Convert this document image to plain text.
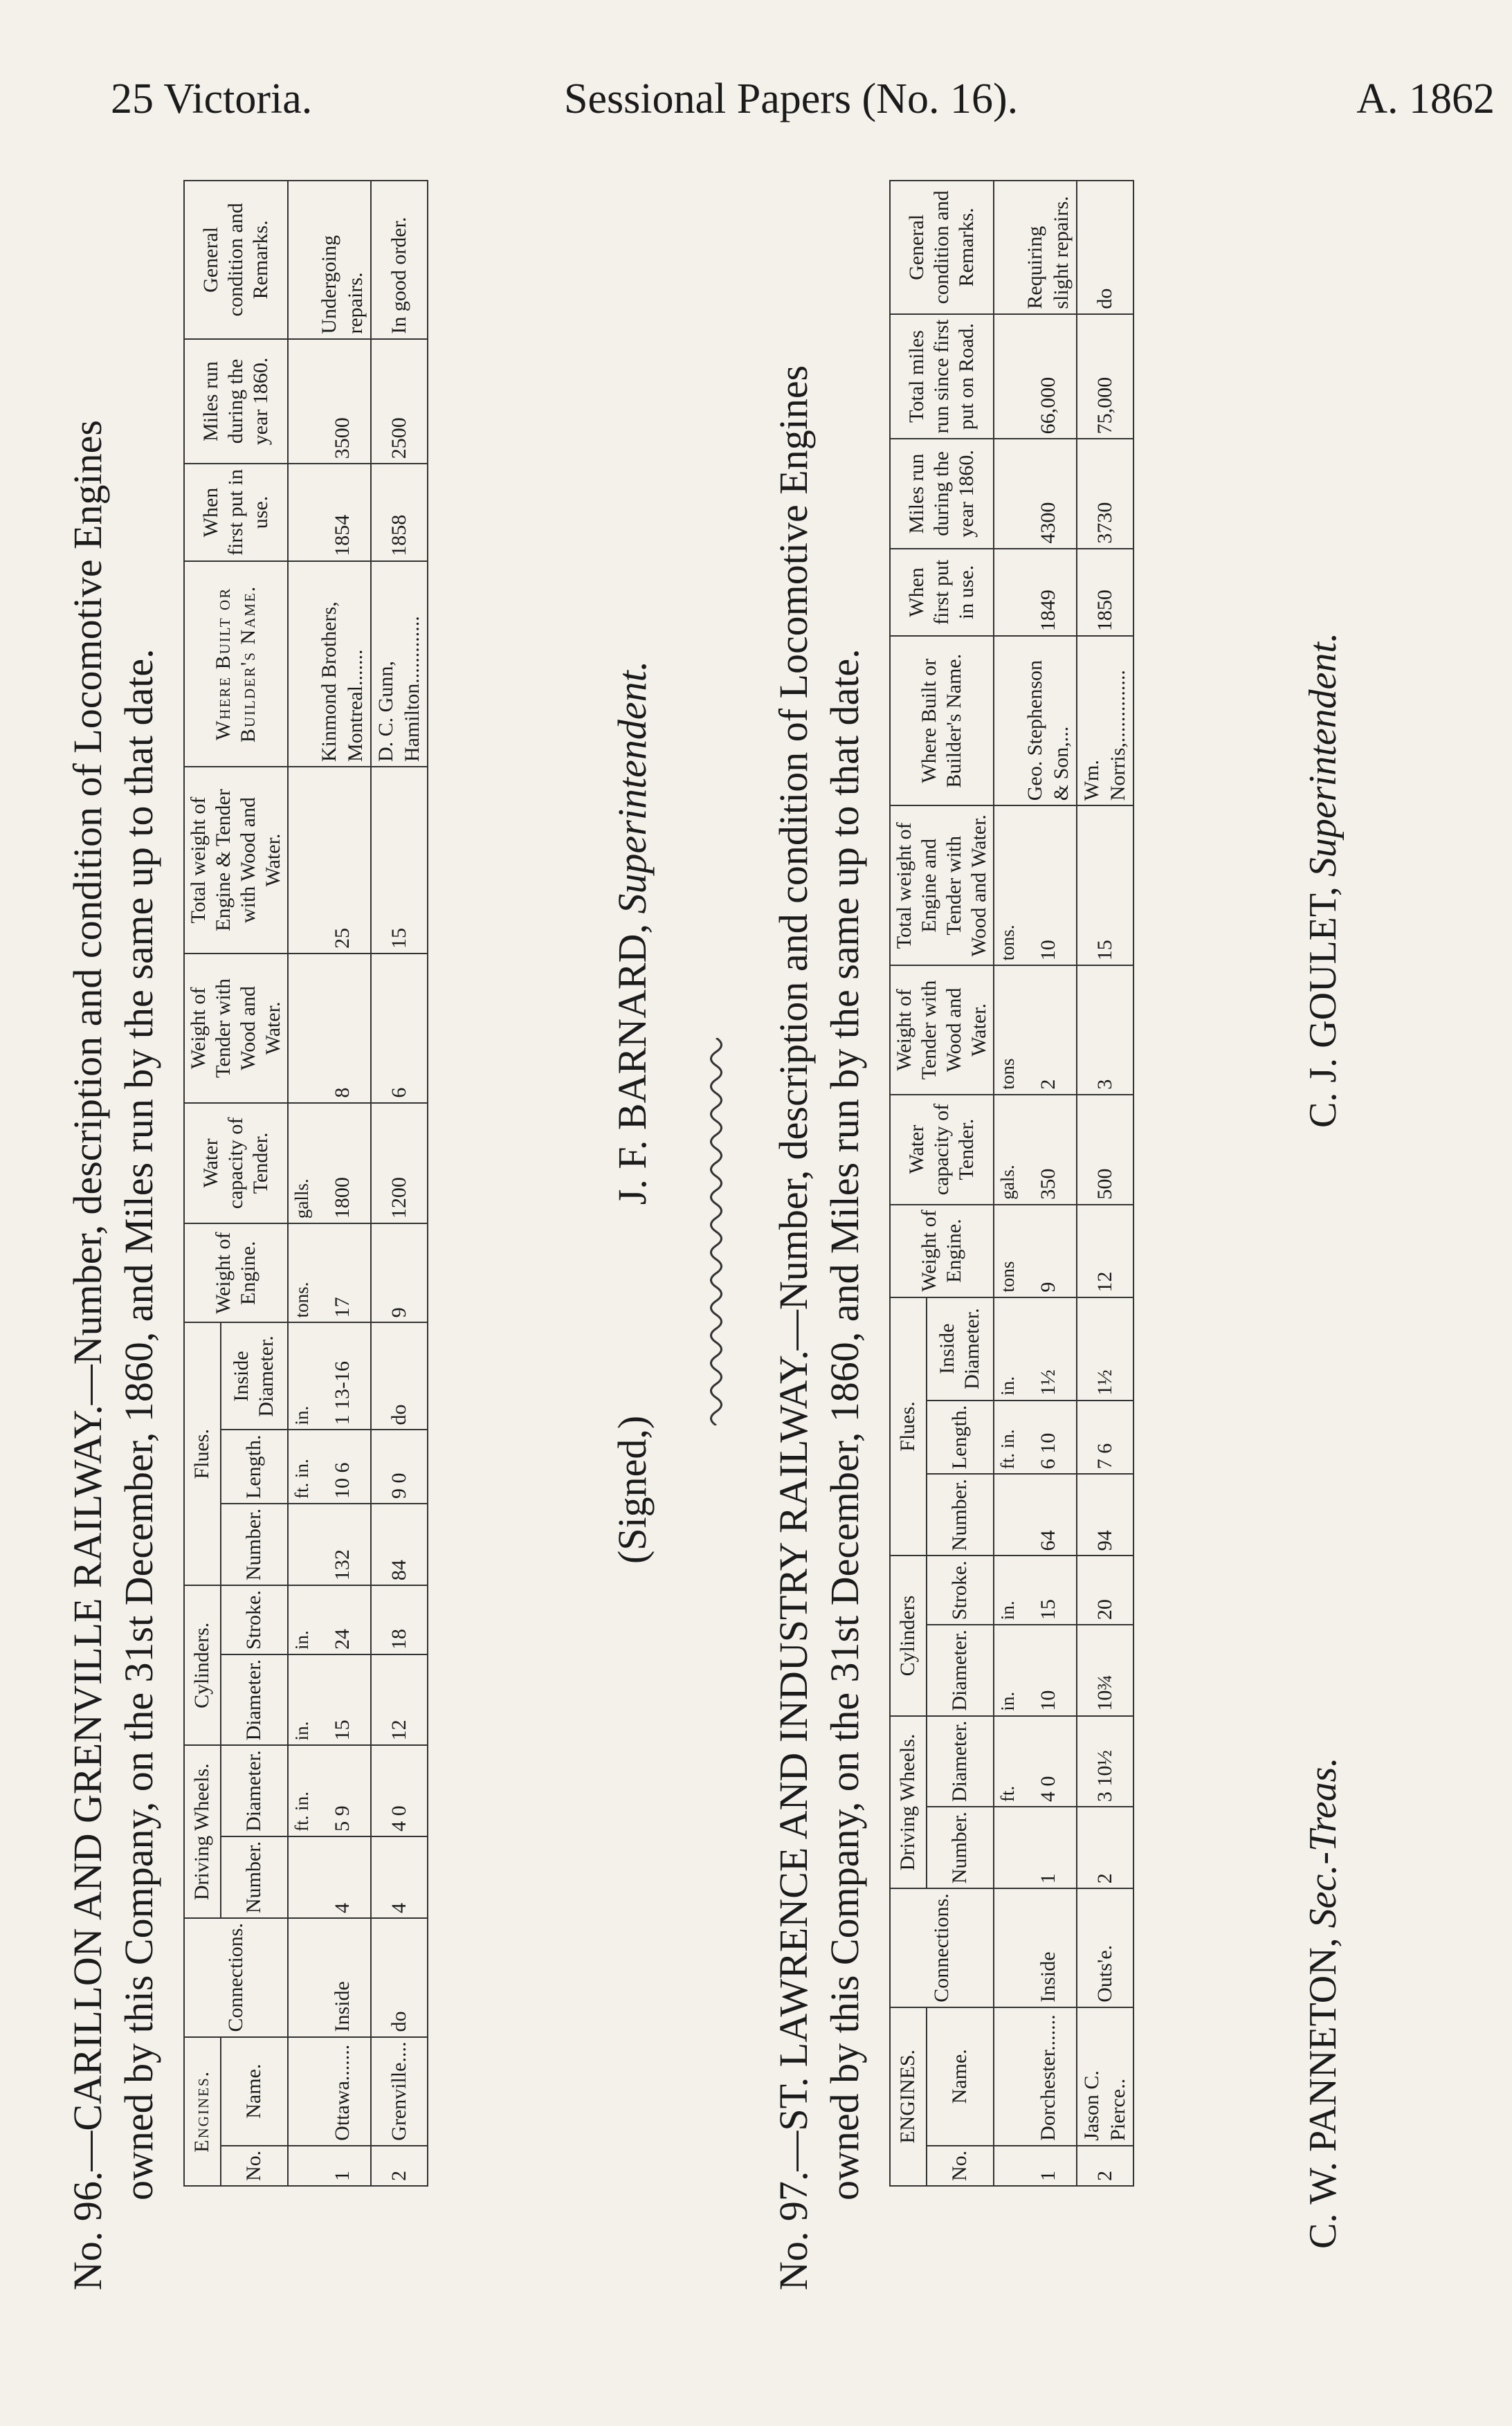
25 Victoria.	Sessional Papers (No. 16).	A. 1862
No. 96.—CARILLON AND GRENVILLE RAILWAY.—Number, description and condition of Locomotive Engines owned by this Company, on the 31st December, 1860, and Miles run by the same up to that date. Engines.		Connections.	Driving Wheels.		Cylinders.		Flues.			Weight of Engine.	Water capacity of Tender.	Weight of Tender with Wood and Water.	Total weight of Engine & Tender with Wood and Water.	Where Built or Builder's Name.	When first put in use.	Miles run during the year 1860.	General condition and Remarks.
No.	Name.		Number.	Diameter.	Diameter.	Stroke.	Number.	Length.	Inside Diameter.								
				ft. in.	in.	in.		ft. in.	in.	tons.	galls.						
1	Ottawa.......	Inside	4	5 9	15	24	132	10 6	1 13-16	17	1800	8	25	Kinmond Brothers, Montreal.......	1854	3500	Undergoing repairs.
2	Grenville....	do	4	4 0	12	18	84	9 0	do	9	1200	6	15	D. C. Gunn, Hamilton.............	1858	2500	In good order.
(Signed,) J. F. BARNARD, Superintendent.	No. 97.—ST. LAWRENCE AND INDUSTRY RAILWAY.—Number, description and condition of Locomotive Engines owned by this Company, on the 31st December, 1860, and Miles run by the same up to that date. ENGINES.		Connections.	Driving Wheels.		Cylinders		Flues.			Weight of Engine.	Water capacity of Tender.	Weight of Tender with Wood and Water.	Total weight of Engine and Tender with Wood and Water.	Where Built or Builder's Name.	When first put in use.	Miles run during the year 1860.	Total miles run since first put on Road.	General condition and Remarks.
No.	Name.		Number.	Diameter.	Diameter.	Stroke.	Number.	Length.	Inside Diameter.									
				ft.	in.	in.		ft. in.	in.	tons	gals.	tons	tons.					
1	Dorchester.......	Inside	1	4 0	10	15	64	6 10	1½	9	350	2	10	Geo. Stephenson & Son,...	1849	4300	66,000	Requiring slight repairs.
2	Jason C. Pierce..	Outs'e.	2	3 10½	10¾	20	94	7 6	1½	12	500	3	15	Wm. Norris,..............	1850	3730	75,000	do
C. W. PANNETON, Sec.-Treas.
C. J. GOULET, Superintendent.
